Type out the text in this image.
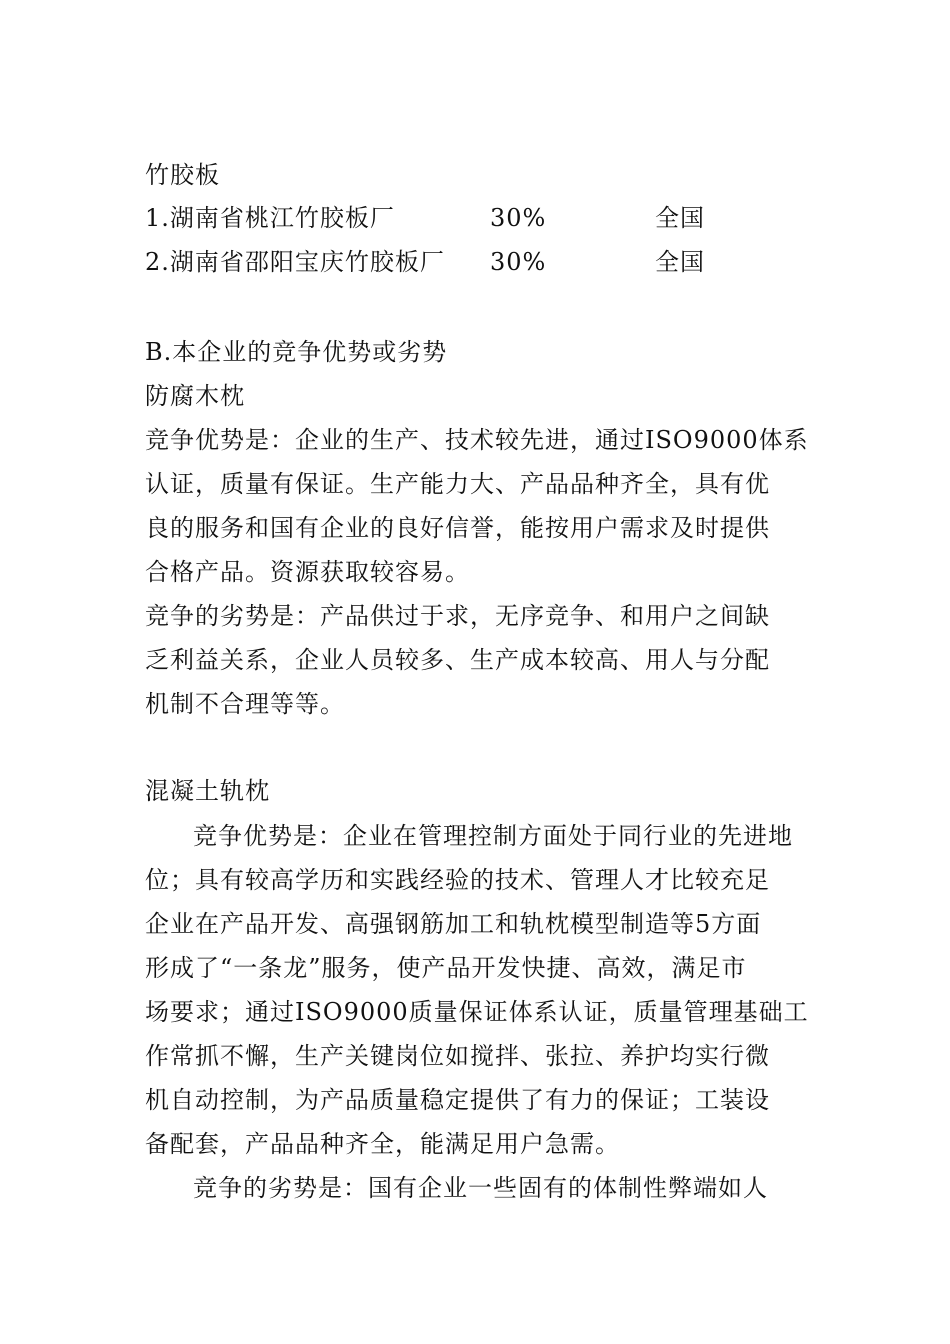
竹胶板
1.湖南省桃江竹胶板厂	30%	全国
2.湖南省邵阳宝庆竹胶板厂 30%	全国
B.本企业的竞争优势或劣势
防腐木枕
竞争优势是：企业的生产、技术较先进，通过ISO9000体系
认证，质量有保证。生产能力大、产品品种齐全，具有优
良的服务和国有企业的良好信誉，能按用户需求及时提供
合格产品。资源获取较容易。
竞争的劣势是：产品供过于求，无序竞争、和用户之间缺
乏利益关系，企业人员较多、生产成本较高、用人与分配
机制不合理等等。
混凝土轨枕
竞争优势是：企业在管理控制方面处于同行业的先进地
位；具有较高学历和实践经验的技术、管理人才比较充足
企业在产品开发、高强钢筋加工和轨枕模型制造等5方面
形成了“一条龙”服务，使产品开发快捷、高效，满足市
场要求；通过ISO9000质量保证体系认证，质量管理基础工
作常抓不懈，生产关键岗位如搅拌、张拉、养护均实行微
机自动控制，为产品质量稳定提供了有力的保证；工装设
备配套，产品品种齐全，能满足用户急需。
竞争的劣势是：国有企业一些固有的体制性弊端如人
